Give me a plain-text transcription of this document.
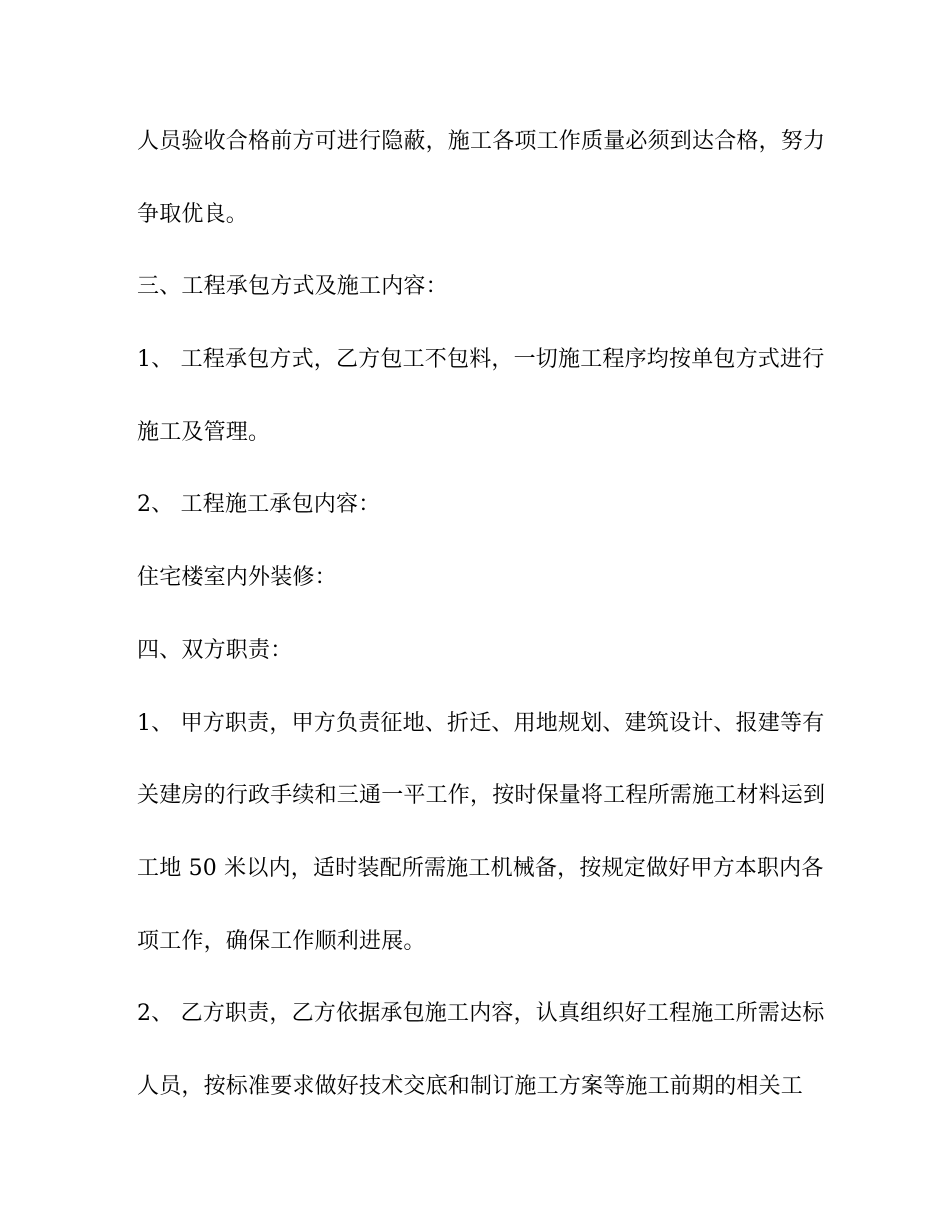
人员验收合格前方可进行隐蔽，施工各项工作质量必须到达合格，努力
争取优良。
三、工程承包方式及施工内容：
1、 工程承包方式，乙方包工不包料，一切施工程序均按单包方式进行
施工及管理。
2、 工程施工承包内容：
住宅楼室内外装修：
四、双方职责：
1、 甲方职责，甲方负责征地、折迁、用地规划、建筑设计、报建等有
关建房的行政手续和三通一平工作，按时保量将工程所需施工材料运到
工地 50 米以内，适时装配所需施工机械备，按规定做好甲方本职内各
项工作，确保工作顺利进展。
2、 乙方职责，乙方依据承包施工内容，认真组织好工程施工所需达标
人员，按标准要求做好技术交底和制订施工方案等施工前期的相关工
